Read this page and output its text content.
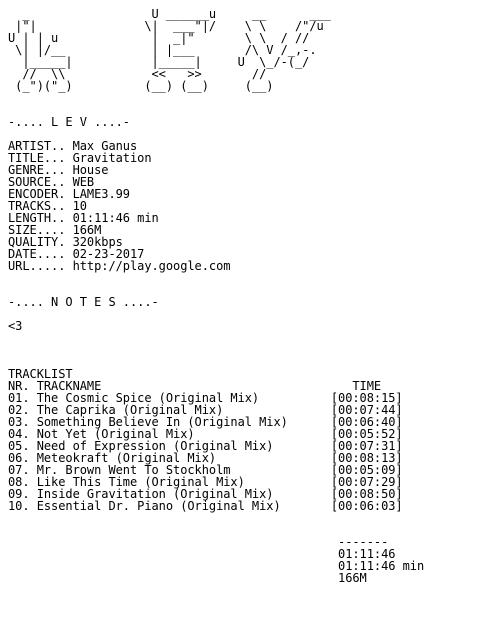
_                 U ______u     __      ___
|"|               \|  ___"|/    \ \    /"/u
U | | u             |  _|"       \ \  / //
\| |/__            | |___       /\ V /_,-.
|_____|           |_____|     U  \_/-(_/
//  \\            <<   >>       //
(_")("_)          (__) (__)     (__)
-.... L E V ....-
ARTIST.. Max Ganus
TITLE... Gravitation
GENRE... House
SOURCE.. WEB
ENCODER. LAME3.99
TRACKS.. 10
LENGTH.. 01:11:46 min
SIZE.... 166M
QUALITY. 320kbps
DATE.... 02-23-2017
URL..... http://play.google.com
-.... N O T E S ....-
<3
TRACKLIST
NR. TRACKNAME                                   TIME
01. The Cosmic Spice (Original Mix)          [00:08:15]
02. The Caprika (Original Mix)               [00:07:44]
03. Something Believe In (Original Mix)      [00:06:40]
04. Not Yet (Original Mix)                   [00:05:52]
05. Need of Expression (Original Mix)        [00:07:31]
06. Meteokraft (Original Mix)                [00:08:13]
07. Mr. Brown Went To Stockholm              [00:05:09]
08. Like This Time (Original Mix)            [00:07:29]
09. Inside Gravitation (Original Mix)        [00:08:50]
10. Essential Dr. Piano (Original Mix)       [00:06:03]
-------
01:11:46
01:11:46 min
166M
